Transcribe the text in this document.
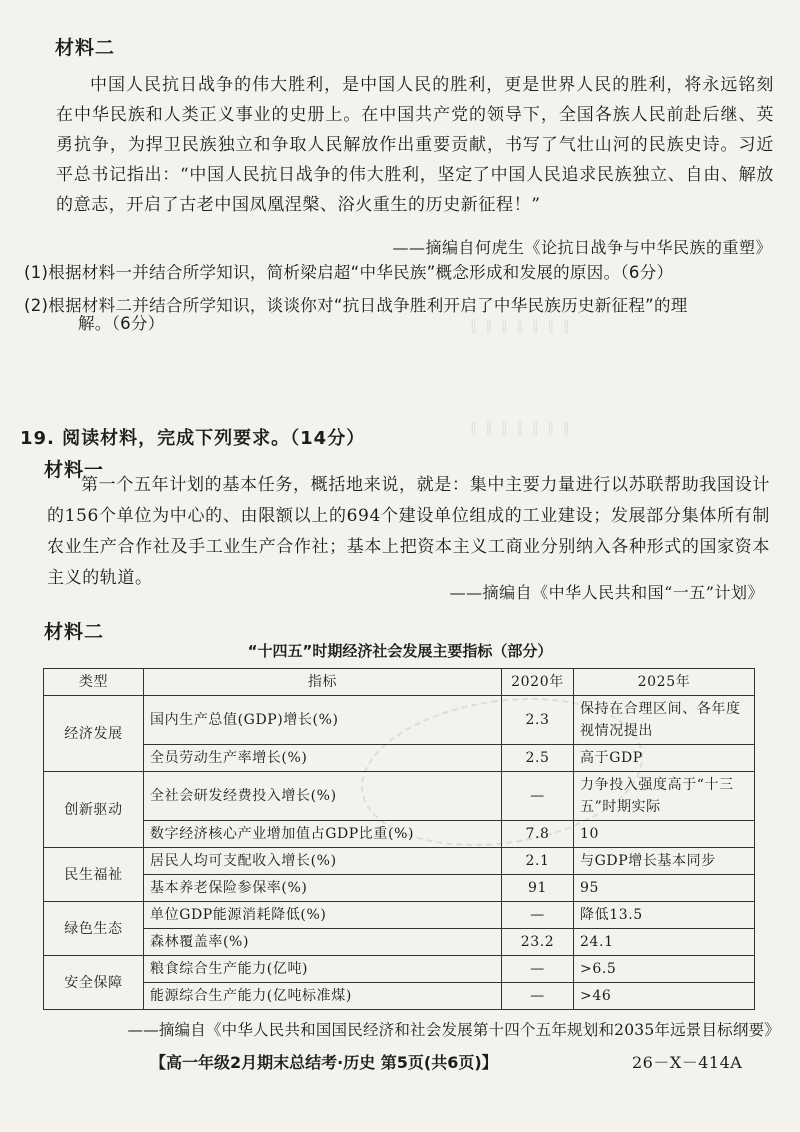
‖ ‖ ‖ ‖ ‖ ‖ ‖
‖ ‖ ‖ ‖ ‖ ‖ ‖
材料二

中国人民抗日战争的伟大胜利，是中国人民的胜利，更是世界人民的胜利，将永远铭刻在中华民族和人类正义事业的史册上。在中国共产党的领导下，全国各族人民前赴后继、英勇抗争，为捍卫民族独立和争取人民解放作出重要贡献，书写了气壮山河的民族史诗。习近平总书记指出：“中国人民抗日战争的伟大胜利，坚定了中国人民追求民族独立、自由、解放的意志，开启了古老中国凤凰涅槃、浴火重生的历史新征程！”

——摘编自何虎生《论抗日战争与中华民族的重塑》
(1)根据材料一并结合所学知识，简析梁启超“中华民族”概念形成和发展的原因。（6分）
(2)根据材料二并结合所学知识，谈谈你对“抗日战争胜利开启了中华民族历史新征程”的理
解。（6分）
19. 阅读材料，完成下列要求。（14分）
材料一

第一个五年计划的基本任务，概括地来说，就是：集中主要力量进行以苏联帮助我国设计的156个单位为中心的、由限额以上的694个建设单位组成的工业建设；发展部分集体所有制农业生产合作社及手工业生产合作社；基本上把资本主义工商业分别纳入各种形式的国家资本主义的轨道。

——摘编自《中华人民共和国“一五”计划》
材料二
“十四五”时期经济社会发展主要指标（部分）
类型	指标	2020年	2025年
经济发展	国内生产总值(GDP)增长(%)	2.3	保持在合理区间、各年度视情况提出
	全员劳动生产率增长(%)	2.5	高于GDP
创新驱动	全社会研发经费投入增长(%)	—	力争投入强度高于“十三五”时期实际
	数字经济核心产业增加值占GDP比重(%)	7.8	10
民生福祉	居民人均可支配收入增长(%)	2.1	与GDP增长基本同步
	基本养老保险参保率(%)	91	95
绿色生态	单位GDP能源消耗降低(%)	—	降低13.5
	森林覆盖率(%)	23.2	24.1
安全保障	粮食综合生产能力(亿吨)	—	>6.5
	能源综合生产能力(亿吨标准煤)	—	>46
——摘编自《中华人民共和国国民经济和社会发展第十四个五年规划和2035年远景目标纲要》
【高一年级2月期末总结考·历史 第5页(共6页)】	26－X－414A
